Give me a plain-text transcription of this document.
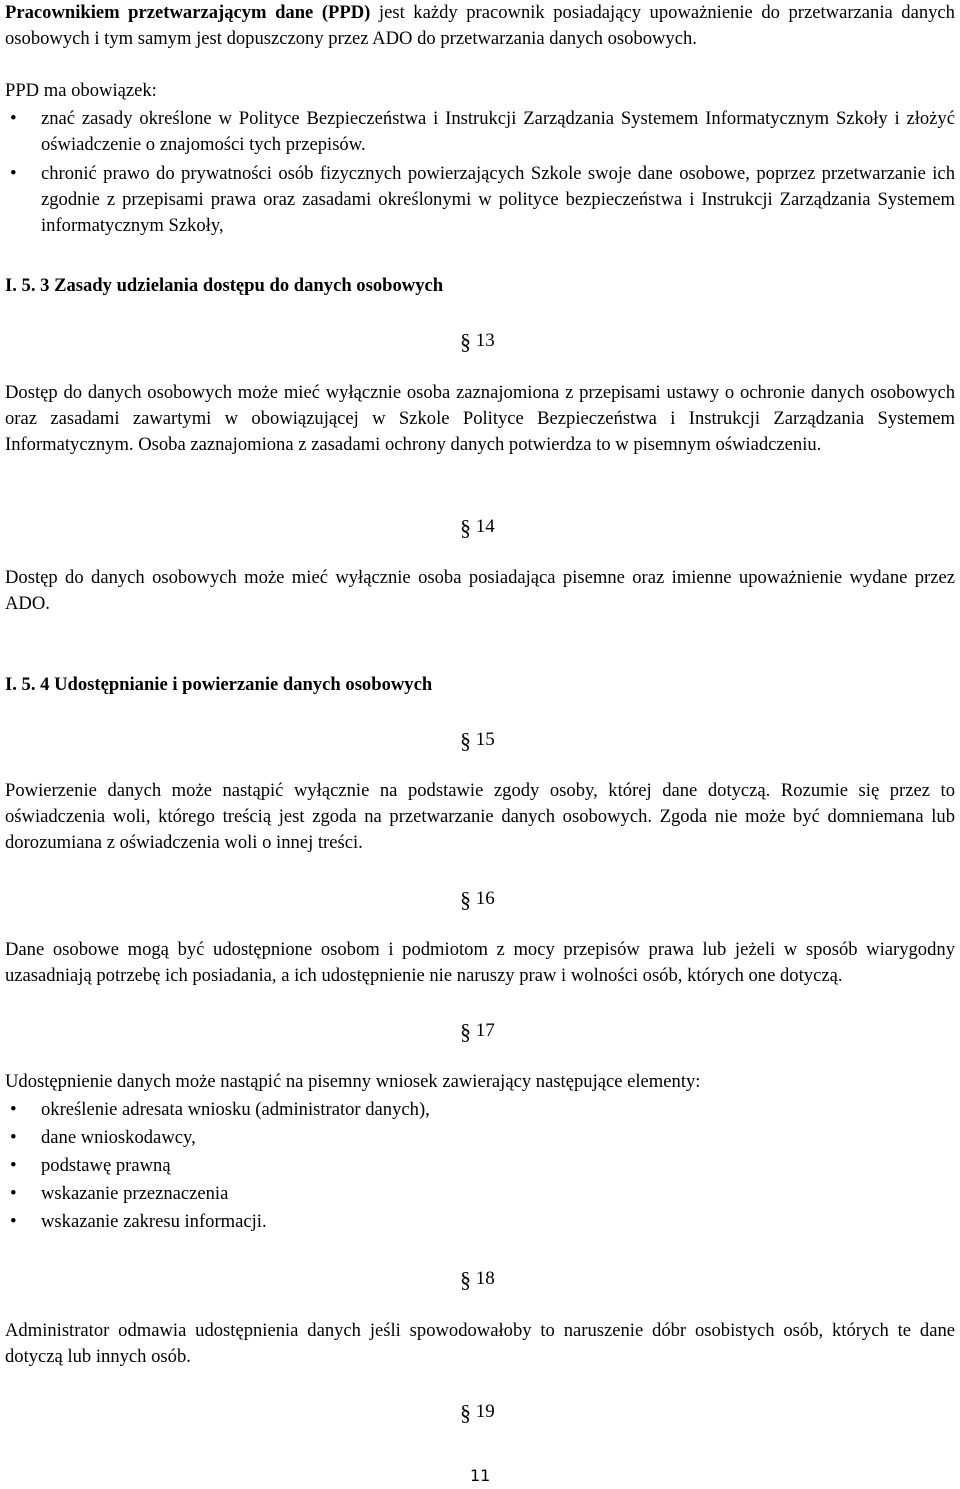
Pracownikiem przetwarzającym dane (PPD) jest każdy pracownik posiadający upoważnienie do przetwarzania danych osobowych i tym samym jest dopuszczony przez ADO do przetwarzania danych osobowych.

PPD ma obowiązek:

• znać zasady określone w Polityce Bezpieczeństwa i Instrukcji Zarządzania Systemem Informatycznym Szkoły i złożyć oświadczenie o znajomości tych przepisów.

• chronić prawo do prywatności osób fizycznych powierzających Szkole swoje dane osobowe, poprzez przetwarzanie ich zgodnie z przepisami prawa oraz zasadami określonymi w polityce bezpieczeństwa i Instrukcji Zarządzania Systemem informatycznym Szkoły,

I. 5. 3 Zasady udzielania dostępu do danych osobowych

§ 13

Dostęp do danych osobowych może mieć wyłącznie osoba zaznajomiona z przepisami ustawy o ochronie danych osobowych oraz zasadami zawartymi w obowiązującej w Szkole Polityce Bezpieczeństwa i Instrukcji Zarządzania Systemem Informatycznym. Osoba zaznajomiona z zasadami ochrony danych potwierdza to w pisemnym oświadczeniu.

§ 14

Dostęp do danych osobowych może mieć wyłącznie osoba posiadająca pisemne oraz imienne upoważnienie wydane przez ADO.

I. 5. 4 Udostępnianie i powierzanie danych osobowych

§ 15

Powierzenie danych może nastąpić wyłącznie na podstawie zgody osoby, której dane dotyczą. Rozumie się przez to oświadczenia woli, którego treścią jest zgoda na przetwarzanie danych osobowych. Zgoda nie może być domniemana lub dorozumiana z oświadczenia woli o innej treści.

§ 16

Dane osobowe mogą być udostępnione osobom i podmiotom z mocy przepisów prawa lub jeżeli w sposób wiarygodny uzasadniają potrzebę ich posiadania, a ich udostępnienie nie naruszy praw i wolności osób, których one dotyczą.

§ 17

Udostępnienie danych może nastąpić na pisemny wniosek zawierający następujące elementy:

• określenie adresata wniosku (administrator danych),

• dane wnioskodawcy,

• podstawę prawną

• wskazanie przeznaczenia

• wskazanie zakresu informacji.

§ 18

Administrator odmawia udostępnienia danych jeśli spowodowałoby to naruszenie dóbr osobistych osób, których te dane dotyczą lub innych osób.

§ 19
11
